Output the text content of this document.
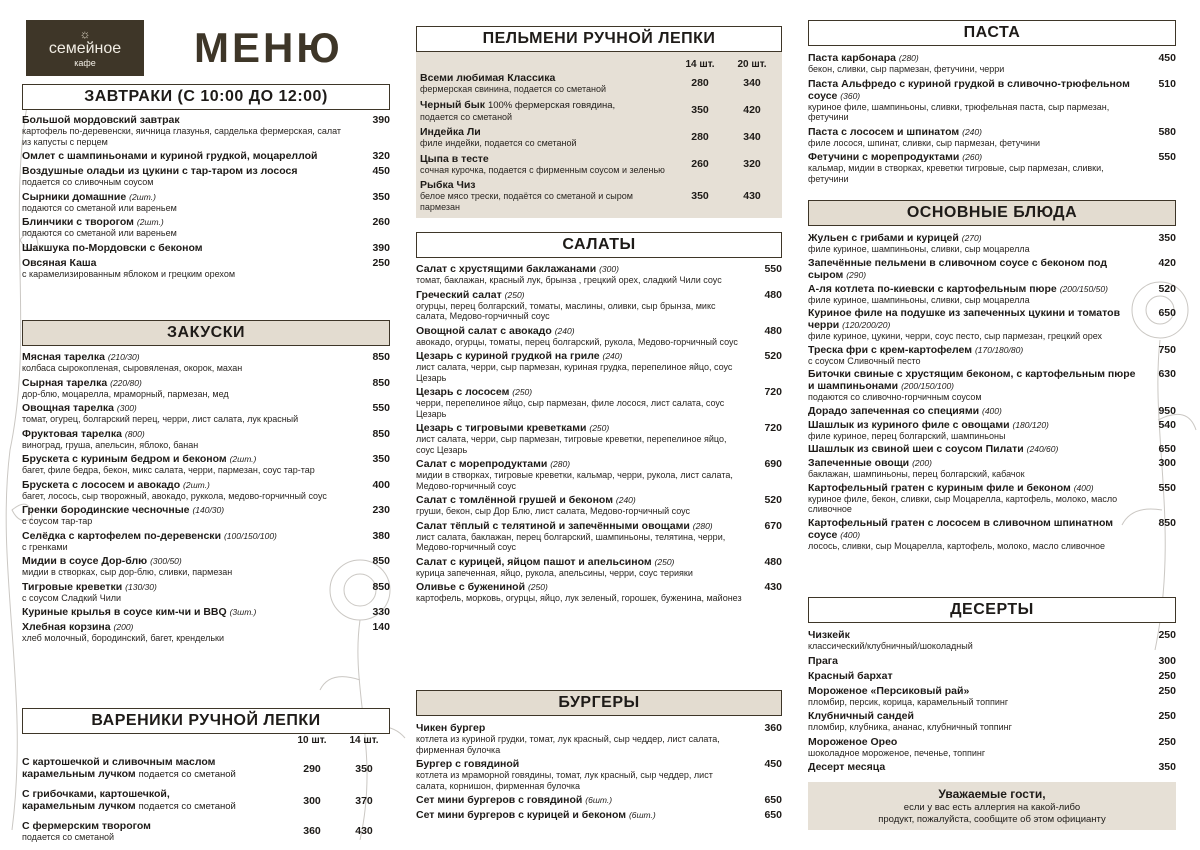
☼
семейное
кафе МЕНЮ
ЗАВТРАКИ (С 10:00 ДО 12:00)
Большой мордовский завтрак
картофель по-деревенски, яичница глазунья, сарделька фермерская, салат из капусты с перцем
390
Омлет с шампиньонами и куриной грудкой, моцареллой	320
Воздушные оладьи из цукини с тар-таром из лосося
подается со сливочным соусом
450
Сырники домашние (2шт.)
подаются со сметаной или вареньем
350
Блинчики с творогом (2шт.)
подаются со сметаной или вареньем
260
Шакшука по-Мордовски с беконом	390
Овсяная Каша
с карамелизированным яблоком и грецким орехом
250
ЗАКУСКИ
Мясная тарелка (210/30)
колбаса сырокопленая, сыровяленая, окорок, махан
850
Сырная тарелка (220/80)
дор-блю, моцарелла, мраморный, пармезан, мед
850
Овощная тарелка (300)
томат, огурец, болгарский перец, черри, лист салата, лук красный
550
Фруктовая тарелка (800)
виноград, груша, апельсин, яблоко, банан
850
Брускета с куриным бедром и беконом (2шт.)
багет, филе бедра, бекон, микс салата, черри, пармезан, соус тар-тар
350
Брускета с лососем и авокадо (2шт.)
багет, лосось, сыр творожный, авокадо, руккола, медово-горчичный соус
400
Гренки бородинские чесночные (140/30)
с соусом тар-тар
230
Селёдка с картофелем по-деревенски (100/150/100)
с гренками
380
Мидии в соусе Дор-блю (300/50)
мидии в створках, сыр дор-блю, сливки, пармезан
850
Тигровые креветки (130/30)
с соусом Сладкий Чили
850
Куриные крылья в соусе ким-чи и BBQ (3шт.)	330
Хлебная корзина (200)
хлеб молочный, бородинский, багет, крендельки
140
ВАРЕНИКИ РУЧНОЙ ЛЕПКИ
10 шт.	14 шт.
С картошечкой и сливочным маслом
карамельным лучком подается со сметаной	290	350
С грибочками, картошечкой,
карамельным лучком подается со сметаной	300	370
С фермерским творогом
подается со сметаной	360	430
ПЕЛЬМЕНИ РУЧНОЙ ЛЕПКИ
14 шт.	20 шт.
Всеми любимая Классика
фермерская свинина, подается со сметаной	280	340
Черный бык 100% фермерская говядина,
подается со сметаной
350	420
Индейка Ли
филе индейки, подается со сметаной	280	340
Цыпа в тесте
сочная курочка, подается с фирменным соусом и зеленью	260	320
Рыбка Чиз
белое мясо трески, подаётся со сметаной и сыром пармезан
350	430
САЛАТЫ
Салат с хрустящими баклажанами (300)
томат, баклажан, красный лук, брынза , грецкий орех, сладкий Чили соус
550
Греческий салат (250)
огурцы, перец болгарский, томаты, маслины, оливки, сыр брынза, микс салата, Медово-горчичный соус
480
Овощной салат с авокадо (240)
авокадо, огурцы, томаты, перец болгарский, рукола, Медово-горчичный соус
480
Цезарь с куриной грудкой на гриле (240)
лист салата, черри, сыр пармезан, куриная грудка, перепелиное яйцо, соус Цезарь
520
Цезарь с лососем (250)
черри, перепелиное яйцо, сыр пармезан, филе лосося, лист салата, соус Цезарь
720
Цезарь с тигровыми креветками (250)
лист салата, черри, сыр пармезан, тигровые креветки, перепелиное яйцо, соус Цезарь
720
Салат с морепродуктами (280)
мидии в створках, тигровые креветки, кальмар, черри, рукола, лист салата, Медово-горчичный соус
690
Салат с томлённой грушей и беконом (240)
груши, бекон, сыр Дор Блю, лист салата, Медово-горчичный соус
520
Салат тёплый с телятиной и запечёнными овощами (280)
лист салата, баклажан, перец болгарский, шампиньоны, телятина, черри, Медово-горчичный соус
670
Салат с курицей, яйцом пашот и апельсином (250)
курица запеченная, яйцо, рукола, апельсины, черри, соус терияки
480
Оливье с бужениной (250)
картофель, морковь, огурцы, яйцо, лук зеленый, горошек, буженина, майонез
430
БУРГЕРЫ
Чикен бургер
котлета из куриной грудки, томат, лук красный, сыр чеддер, лист салата, фирменная булочка
360
Бургер с говядиной
котлета из мраморной говядины, томат, лук красный, сыр чеддер, лист салата, корнишон, фирменная булочка
450
Сет мини бургеров с говядиной (6шт.)	650
Сет мини бургеров с курицей и беконом (6шт.)	650
ПАСТА
Паста карбонара (280)
бекон, сливки, сыр пармезан, фетучини, черри
450
Паста Альфредо с куриной грудкой в сливочно-трюфельном соусе (360)
куриное филе, шампиньоны, сливки, трюфельная паста, сыр пармезан, фетучини
510
Паста с лососем и шпинатом (240)
филе лосося, шпинат, сливки, сыр пармезан, фетучини
580
Фетучини с морепродуктами (260)
кальмар, мидии в створках, креветки тигровые, сыр пармезан, сливки, фетучини
550
ОСНОВНЫЕ БЛЮДА
Жульен с грибами и курицей (270)
филе куриное, шампиньоны, сливки, сыр моцарелла
350
Запечённые пельмени в сливочном соусе с беконом под сыром (290)
420
А-ля котлета по-киевски с картофельным пюре (200/150/50)
филе куриное, шампиньоны, сливки, сыр моцарелла
520
Куриное филе на подушке из запеченных цукини и томатов черри (120/200/20)
филе куриное, цукини, черри, соус песто, сыр пармезан, грецкий орех
650
Треска фри с крем-картофелем (170/180/80)
с соусом Сливочный песто
750
Биточки свиные с хрустящим беконом, с картофельным пюре и шампиньонами (200/150/100)
подаются со сливочно-горчичным соусом
630
Дорадо запеченная со специями (400)	950
Шашлык из куриного филе с овощами (180/120)
филе куриное, перец болгарский, шампиньоны
540
Шашлык из свиной шеи с соусом Пилати (240/60)	650
Запеченные овощи (200)
баклажан, шампиньоны, перец болгарский, кабачок
300
Картофельный гратен с куриным филе и беконом (400)
куриное филе, бекон, сливки, сыр Моцарелла, картофель, молоко, масло сливочное
550
Картофельный гратен с лососем в сливочном шпинатном соусе (400)
лосось, сливки, сыр Моцарелла, картофель, молоко, масло сливочное
850
ДЕСЕРТЫ
Чизкейк
классический/клубничный/шоколадный
250
Прага	300
Красный бархат	250
Мороженое «Персиковый рай»
пломбир, персик, корица, карамельный топпинг
250
Клубничный сандей
пломбир, клубника, ананас, клубничный топпинг
250
Мороженое Орео
шоколадное мороженое, печенье, топпинг
250
Десерт месяца	350
Уважаемые гости,
если у вас есть аллергия на какой-либо
продукт, пожалуйста, сообщите об этом официанту
